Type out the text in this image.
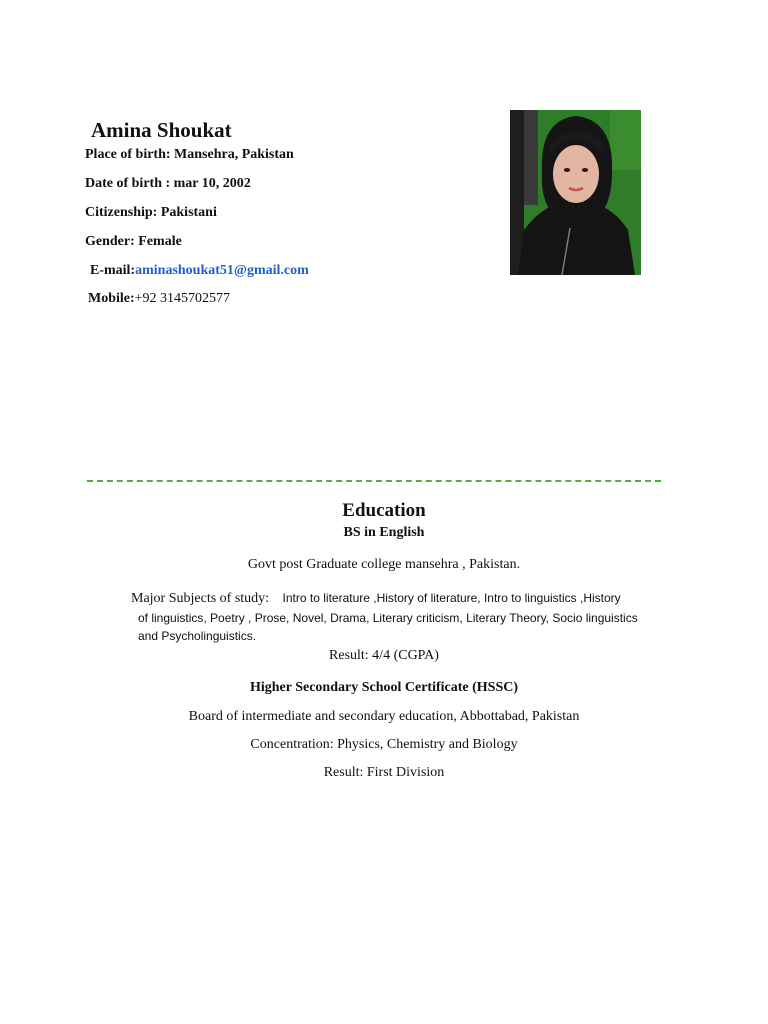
Amina Shoukat
Place of birth: Mansehra, Pakistan
Date of birth : mar 10, 2002
Citizenship: Pakistani
Gender: Female
E-mail:aminashoukat51@gmail.com
Mobile:+92 3145702577
Education
BS in English
Govt post Graduate college mansehra , Pakistan.
Major Subjects of study: Intro to literature ,History of literature, Intro to linguistics ,History
of linguistics, Poetry , Prose, Novel, Drama, Literary criticism, Literary Theory, Socio linguistics
and Psycholinguistics.
Result: 4/4 (CGPA)
Higher Secondary School Certificate (HSSC)
Board of intermediate and secondary education, Abbottabad, Pakistan
Concentration: Physics, Chemistry and Biology
Result: First Division
